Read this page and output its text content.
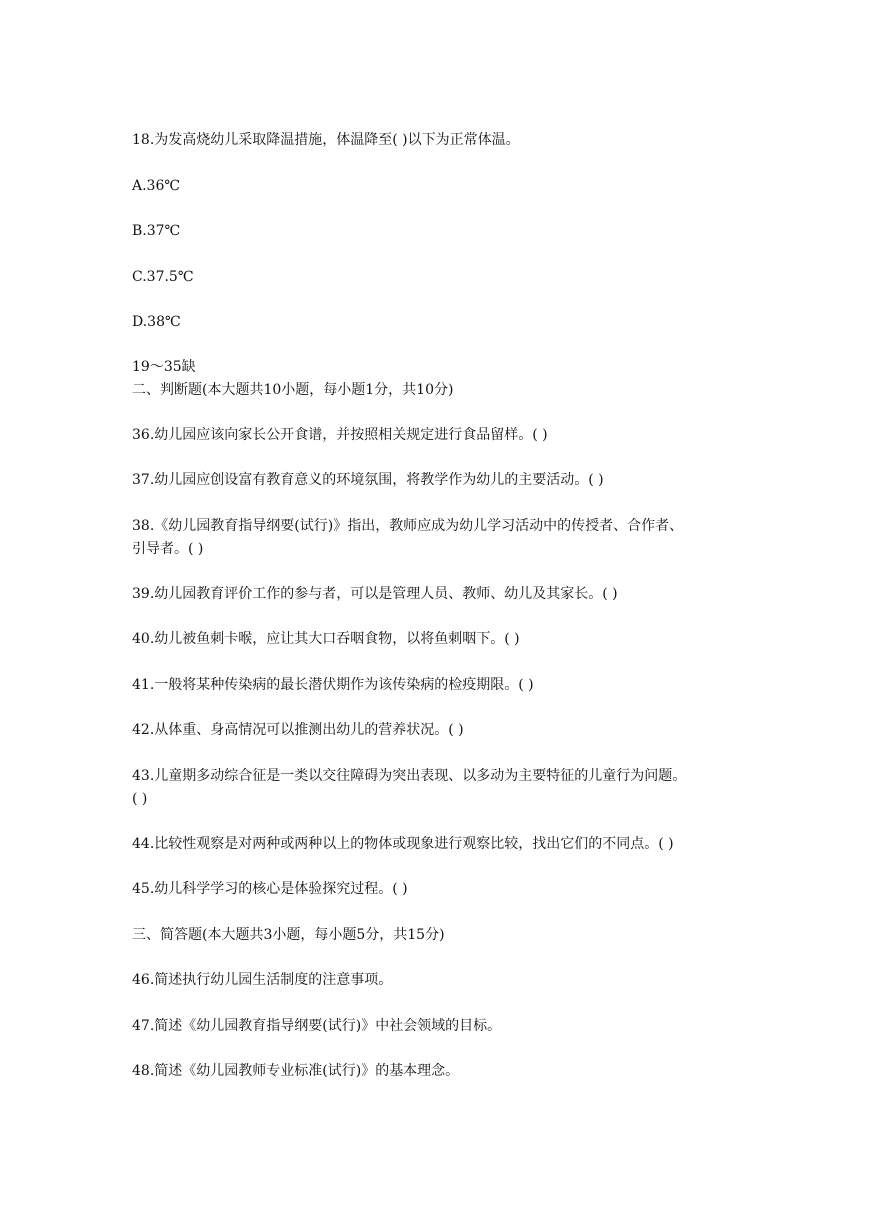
18.为发高烧幼儿采取降温措施，体温降至( )以下为正常体温。
A.36℃
B.37℃
C.37.5℃
D.38℃
19～35缺
二、判断题(本大题共10小题，每小题1分，共10分)
36.幼儿园应该向家长公开食谱，并按照相关规定进行食品留样。( )
37.幼儿园应创设富有教育意义的环境氛围，将教学作为幼儿的主要活动。( )
38.《幼儿园教育指导纲要(试行)》指出，教师应成为幼儿学习活动中的传授者、合作者、
引导者。( )
39.幼儿园教育评价工作的参与者，可以是管理人员、教师、幼儿及其家长。( )
40.幼儿被鱼刺卡喉，应让其大口吞咽食物，以将鱼刺咽下。( )
41.一般将某种传染病的最长潜伏期作为该传染病的检疫期限。( )
42.从体重、身高情况可以推测出幼儿的营养状况。( )
43.儿童期多动综合征是一类以交往障碍为突出表现、以多动为主要特征的儿童行为问题。
( )
44.比较性观察是对两种或两种以上的物体或现象进行观察比较，找出它们的不同点。( )
45.幼儿科学学习的核心是体验探究过程。( )
三、简答题(本大题共3小题，每小题5分，共15分)
46.简述执行幼儿园生活制度的注意事项。
47.简述《幼儿园教育指导纲要(试行)》中社会领域的目标。
48.简述《幼儿园教师专业标准(试行)》的基本理念。
